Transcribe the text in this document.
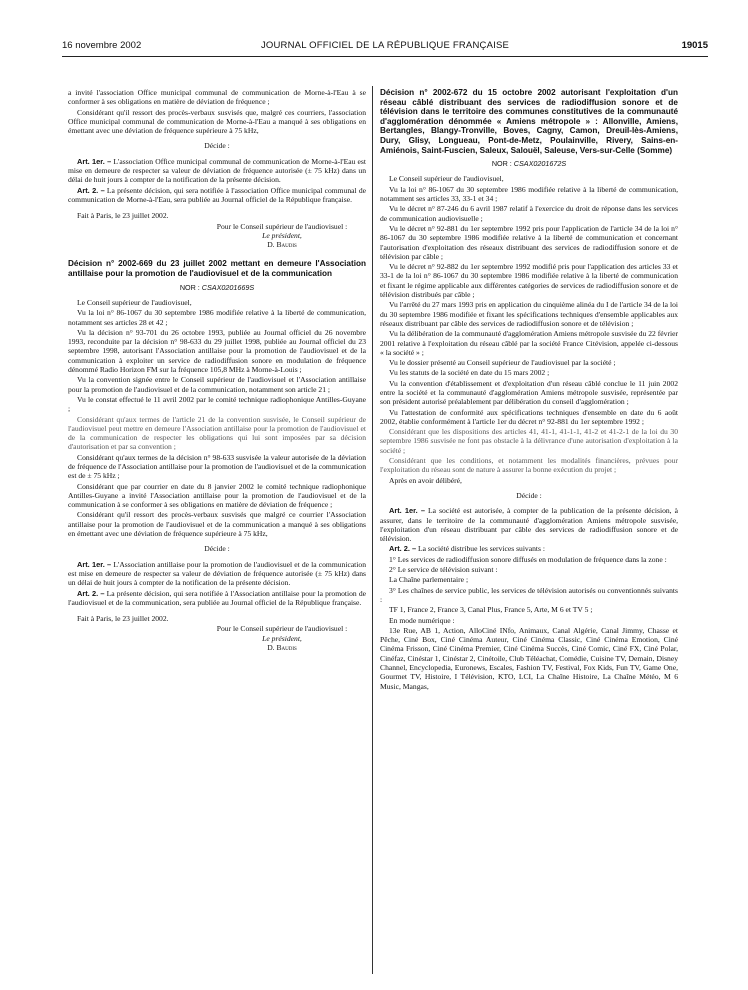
16 novembre 2002	JOURNAL OFFICIEL DE LA RÉPUBLIQUE FRANÇAISE	19015

a invité l'association Office municipal communal de communication de Morne-à-l'Eau à se conformer à ses obligations en matière de déviation de fréquence ;

Considérant qu'il ressort des procès-verbaux susvisés que, malgré ces courriers, l'association Office municipal communal de communication de Morne-à-l'Eau a manqué à ses obligations en émettant avec une déviation de fréquence supérieure à 75 kHz,

Décide :

Art. 1er. – L'association Office municipal communal de communication de Morne-à-l'Eau est mise en demeure de respecter sa valeur de déviation de fréquence autorisée (± 75 kHz) dans un délai de huit jours à compter de la notification de la présente décision.

Art. 2. – La présente décision, qui sera notifiée à l'association Office municipal communal de communication de Morne-à-l'Eau, sera publiée au Journal officiel de la République française.

Fait à Paris, le 23 juillet 2002.

Pour le Conseil supérieur de l'audiovisuel :
Le président,
D. Baudis

Décision n° 2002-669 du 23 juillet 2002 mettant en demeure l'Association antillaise pour la promotion de l'audiovisuel et de la communication

NOR : CSAX0201669S

Le Conseil supérieur de l'audiovisuel,

Vu la loi n° 86-1067 du 30 septembre 1986 modifiée relative à la liberté de communication, notamment ses articles 28 et 42 ;

Vu la décision n° 93-701 du 26 octobre 1993, publiée au Journal officiel du 26 novembre 1993, reconduite par la décision n° 98-633 du 29 juillet 1998, publiée au Journal officiel du 23 septembre 1998, autorisant l'Association antillaise pour la promotion de l'audiovisuel et de la communication à exploiter un service de radiodiffusion sonore en modulation de fréquence dénommé Radio Horizon FM sur la fréquence 105,8 MHz à Morne-à-Louis ;

Vu la convention signée entre le Conseil supérieur de l'audiovisuel et l'Association antillaise pour la promotion de l'audiovisuel et de la communication, notamment son article 21 ;

Vu le constat effectué le 11 avril 2002 par le comité technique radiophonique Antilles-Guyane ;

Considérant qu'aux termes de l'article 21 de la convention susvisée, le Conseil supérieur de l'audiovisuel peut mettre en demeure l'Association antillaise pour la promotion de l'audiovisuel et de la communication de respecter les obligations qui lui sont imposées par sa décision d'autorisation et par sa convention ;

Considérant qu'aux termes de la décision n° 98-633 susvisée la valeur autorisée de la déviation de fréquence de l'Association antillaise pour la promotion de l'audiovisuel et de la communication est de ± 75 kHz ;

Considérant que par courrier en date du 8 janvier 2002 le comité technique radiophonique Antilles-Guyane a invité l'Association antillaise pour la promotion de l'audiovisuel et de la communication à se conformer à ses obligations en matière de déviation de fréquence ;

Considérant qu'il ressort des procès-verbaux susvisés que malgré ce courrier l'Association antillaise pour la promotion de l'audiovisuel et de la communication a manqué à ses obligations en émettant avec une déviation de fréquence supérieure à 75 kHz,

Décide :

Art. 1er. – L'Association antillaise pour la promotion de l'audiovisuel et de la communication est mise en demeure de respecter sa valeur de déviation de fréquence autorisée (± 75 kHz) dans un délai de huit jours à compter de la notification de la présente décision.

Art. 2. – La présente décision, qui sera notifiée à l'Association antillaise pour la promotion de l'audiovisuel et de la communication, sera publiée au Journal officiel de la République française.

Fait à Paris, le 23 juillet 2002.

Pour le Conseil supérieur de l'audiovisuel :
Le président,
D. Baudis

Décision n° 2002-672 du 15 octobre 2002 autorisant l'exploitation d'un réseau câblé distribuant des services de radiodiffusion sonore et de télévision dans le territoire des communes constitutives de la communauté d'agglomération dénommée « Amiens métropole » : Allonville, Amiens, Bertangles, Blangy-Tronville, Boves, Cagny, Camon, Dreuil-lès-Amiens, Dury, Glisy, Longueau, Pont-de-Metz, Poulainville, Rivery, Sains-en-Amiénois, Saint-Fuscien, Saleux, Salouël, Saleuse, Vers-sur-Celle (Somme)

NOR : CSAX0201672S

Le Conseil supérieur de l'audiovisuel,

Vu la loi n° 86-1067 du 30 septembre 1986 modifiée relative à la liberté de communication, notamment ses articles 33, 33-1 et 34 ;

Vu le décret n° 87-246 du 6 avril 1987 relatif à l'exercice du droit de réponse dans les services de communication audiovisuelle ;

Vu le décret n° 92-881 du 1er septembre 1992 pris pour l'application de l'article 34 de la loi n° 86-1067 du 30 septembre 1986 modifiée relative à la liberté de communication et concernant l'autorisation d'exploitation des réseaux distribuant des services de radiodiffusion sonore et de télévision par câble ;

Vu le décret n° 92-882 du 1er septembre 1992 modifié pris pour l'application des articles 33 et 33-1 de la loi n° 86-1067 du 30 septembre 1986 modifiée relative à la liberté de communication et fixant le régime applicable aux différentes catégories de services de radiodiffusion sonore et de télévision distribués par câble ;

Vu l'arrêté du 27 mars 1993 pris en application du cinquième alinéa du I de l'article 34 de la loi du 30 septembre 1986 modifiée et fixant les spécifications techniques d'ensemble applicables aux réseaux distribuant par câble des services de radiodiffusion sonore et de télévision ;

Vu la délibération de la communauté d'agglomération Amiens métropole susvisée du 22 février 2001 relative à l'exploitation du réseau câblé par la société France Citévision, appelée ci-dessous « la société » ;

Vu le dossier présenté au Conseil supérieur de l'audiovisuel par la société ;

Vu les statuts de la société en date du 15 mars 2002 ;

Vu la convention d'établissement et d'exploitation d'un réseau câblé conclue le 11 juin 2002 entre la société et la communauté d'agglomération Amiens métropole susvisée, représentée par son président autorisé préalablement par délibération du conseil d'agglomération ;

Vu l'attestation de conformité aux spécifications techniques d'ensemble en date du 6 août 2002, établie conformément à l'article 1er du décret n° 92-881 du 1er septembre 1992 ;

Considérant que les dispositions des articles 41, 41-1, 41-1-1, 41-2 et 41-2-1 de la loi du 30 septembre 1986 susvisée ne font pas obstacle à la délivrance d'une autorisation d'exploitation à la société ;

Considérant que les conditions, et notamment les modalités financières, prévues pour l'exploitation du réseau sont de nature à assurer la bonne exécution du projet ;

Après en avoir délibéré,

Décide :

Art. 1er. – La société est autorisée, à compter de la publication de la présente décision, à assurer, dans le territoire de la communauté d'agglomération Amiens métropole susvisée, l'exploitation d'un réseau distribuant par câble des services de radiodiffusion sonore et de télévision.

Art. 2. – La société distribue les services suivants :

1° Les services de radiodiffusion sonore diffusés en modulation de fréquence dans la zone :

2° Le service de télévision suivant :

La Chaîne parlementaire ;

3° Les chaînes de service public, les services de télévision autorisés ou conventionnés suivants :

TF 1, France 2, France 3, Canal Plus, France 5, Arte, M 6 et TV 5 ;

En mode numérique :

13e Rue, AB 1, Action, AlloCiné INfo, Animaux, Canal Algérie, Canal Jimmy, Chasse et Pêche, Ciné Box, Ciné Cinéma Auteur, Ciné Cinéma Classic, Ciné Cinéma Emotion, Ciné Cinéma Frisson, Ciné Cinéma Premier, Ciné Cinéma Succès, Ciné Comic, Ciné FX, Ciné Polar, Cinéfaz, Cinéstar 1, Cinéstar 2, Cinétoile, Club Téléachat, Comédie, Cuisine TV, Demain, Disney Channel, Encyclopedia, Euronews, Escales, Fashion TV, Festival, Fox Kids, Fun TV, Game One, Gourmet TV, Histoire, I Télévision, KTO, LCI, La Chaîne Histoire, La Chaîne Météo, M 6 Music, Mangas,
